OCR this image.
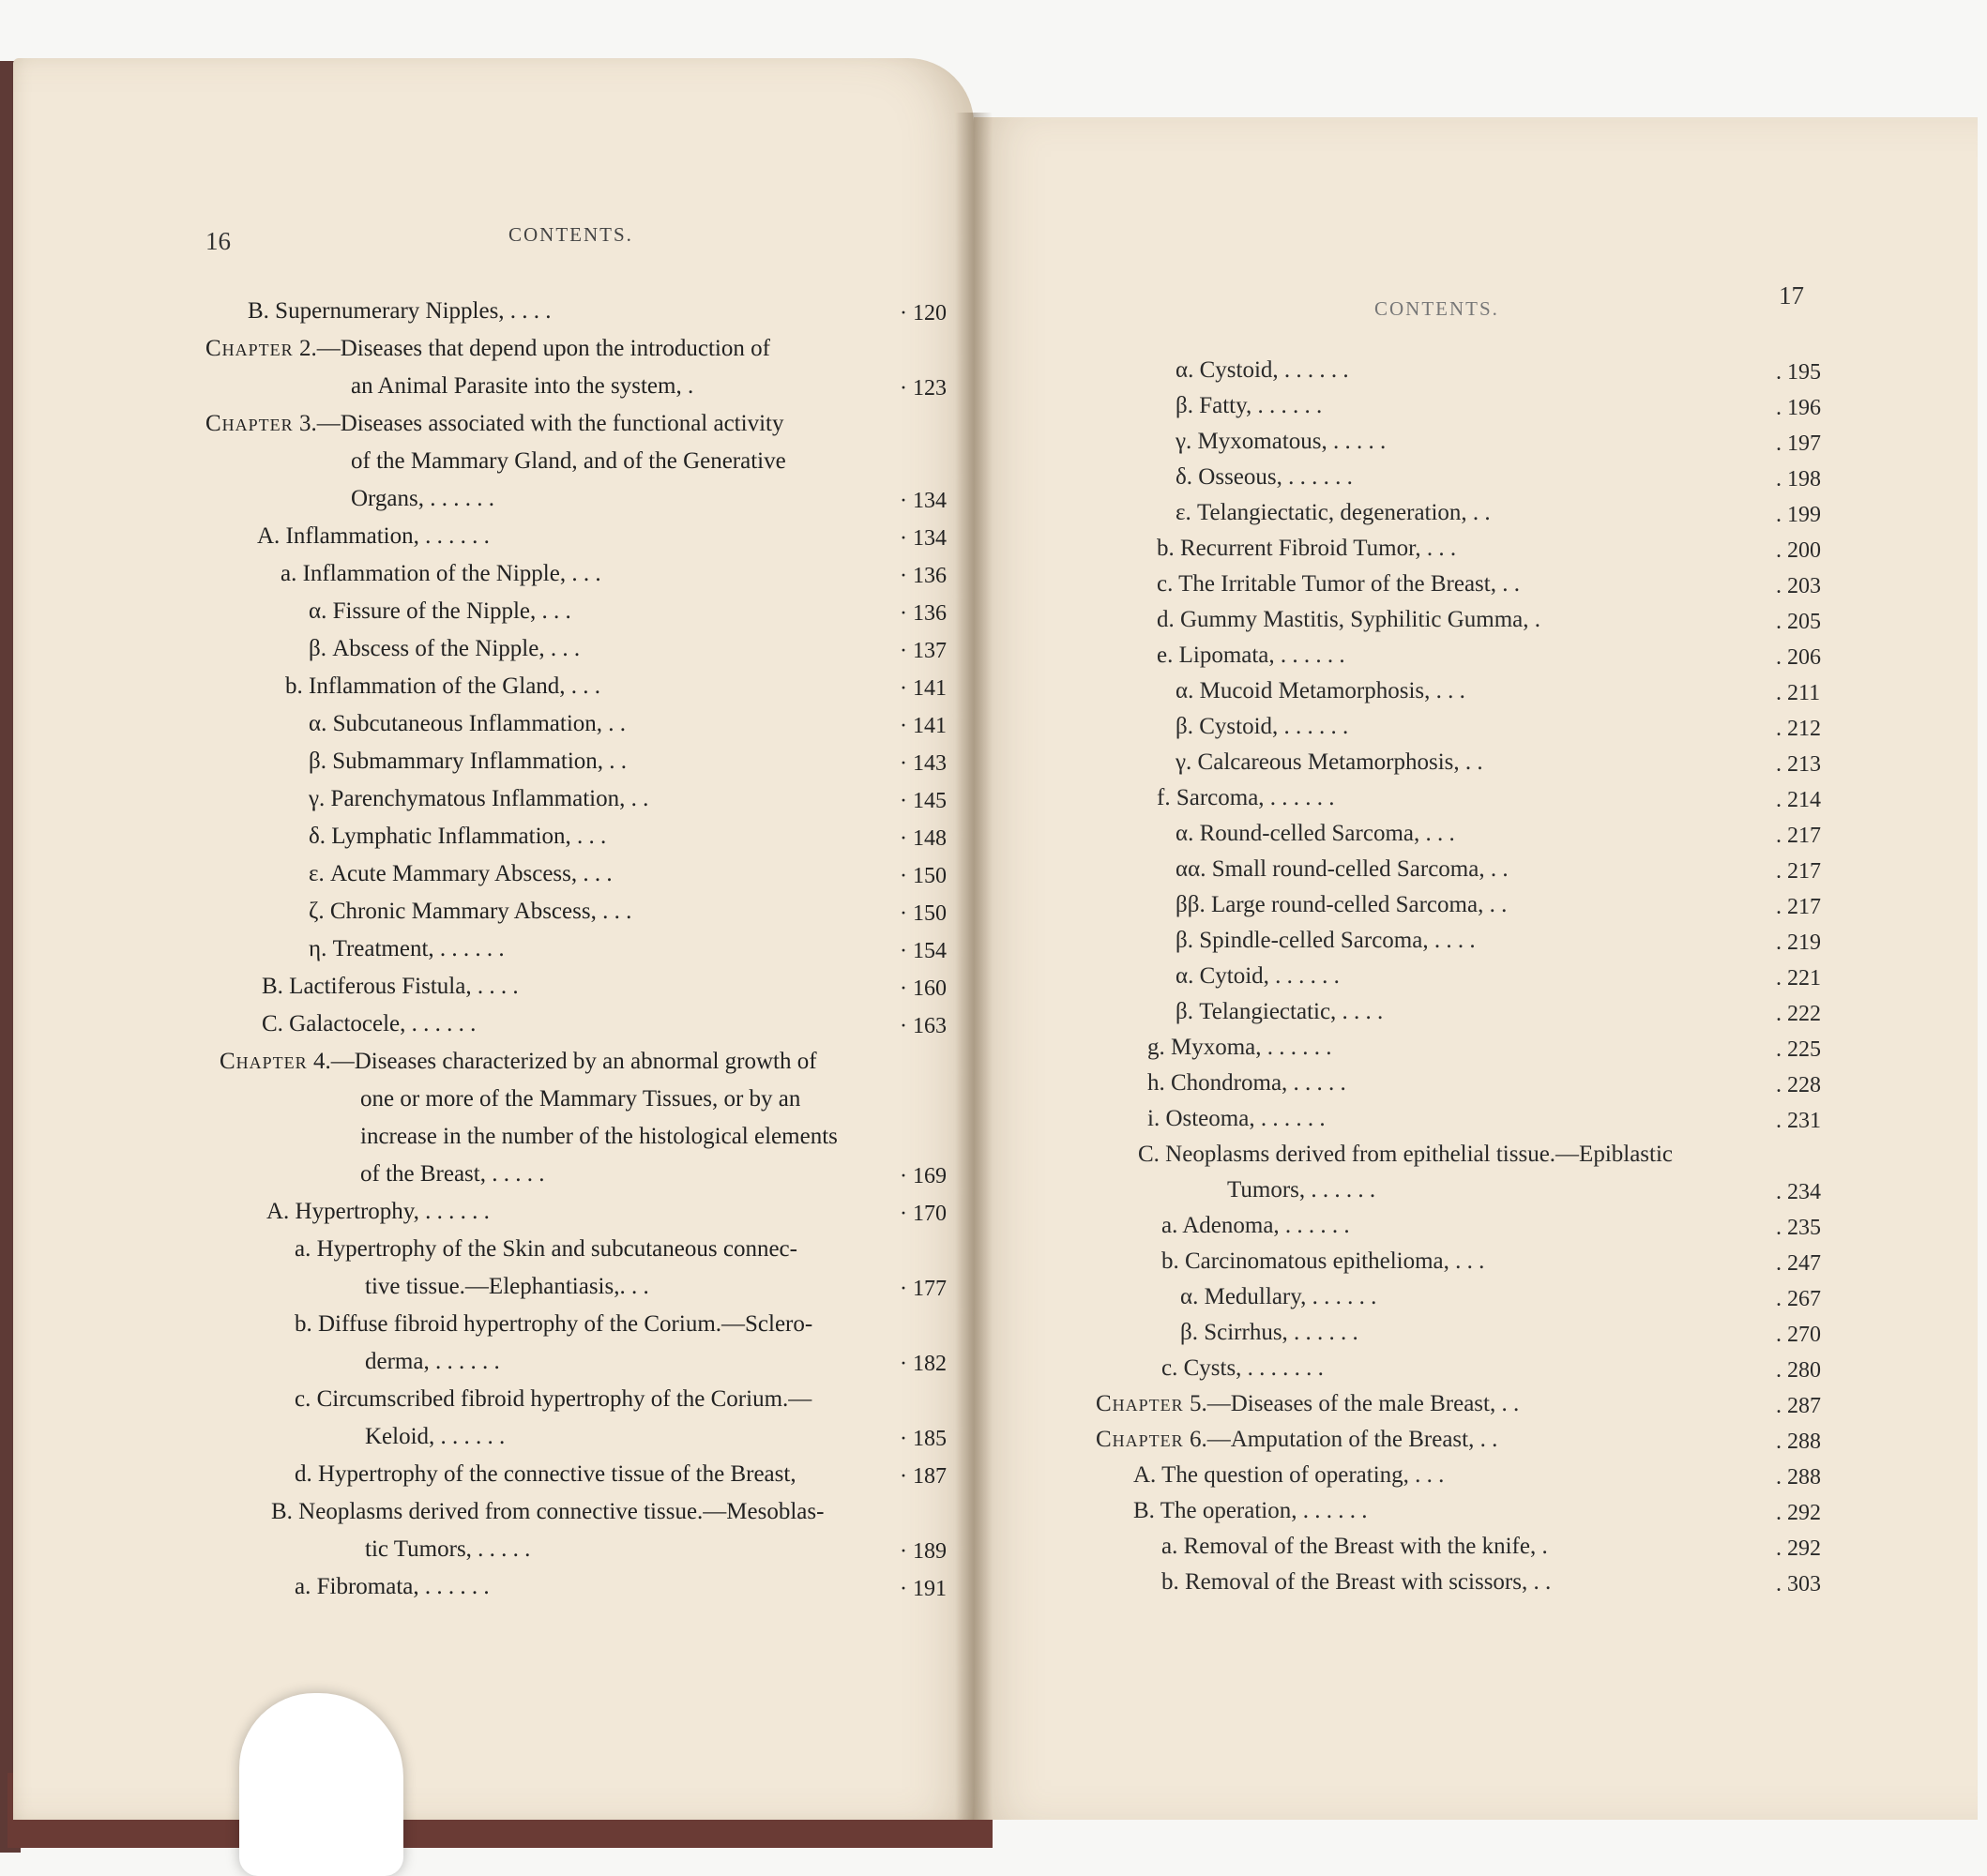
16	CONTENTS.
B. Supernumerary Nipples, . . . .	· 120
Chapter 2.—Diseases that depend upon the introduction of
an Animal Parasite into the system, .	· 123
Chapter 3.—Diseases associated with the functional activity
of the Mammary Gland, and of the Generative
Organs, . . . . . .	· 134
A. Inflammation, . . . . . .	· 134
a. Inflammation of the Nipple, . . .	· 136
α. Fissure of the Nipple, . . .	· 136
β. Abscess of the Nipple, . . .	· 137
b. Inflammation of the Gland, . . .	· 141
α. Subcutaneous Inflammation, . .	· 141
β. Submammary Inflammation, . .	· 143
γ. Parenchymatous Inflammation, . .	· 145
δ. Lymphatic Inflammation, . . .	· 148
ε. Acute Mammary Abscess, . . .	· 150
ζ. Chronic Mammary Abscess, . . .	· 150
η. Treatment, . . . . . .	· 154
B. Lactiferous Fistula, . . . .	· 160
C. Galactocele, . . . . . .	· 163
Chapter 4.—Diseases characterized by an abnormal growth of
one or more of the Mammary Tissues, or by an
increase in the number of the histological elements
of the Breast, . . . . .	· 169
A. Hypertrophy, . . . . . .	· 170
a. Hypertrophy of the Skin and subcutaneous connec-
tive tissue.—Elephantiasis,. . .	· 177
b. Diffuse fibroid hypertrophy of the Corium.—Sclero-
derma, . . . . . .	· 182
c. Circumscribed fibroid hypertrophy of the Corium.—
Keloid, . . . . . .	· 185
d. Hypertrophy of the connective tissue of the Breast,	· 187
B. Neoplasms derived from connective tissue.—Mesoblas-
tic Tumors, . . . . .	· 189
a. Fibromata, . . . . . .	· 191
CONTENTS.	17
α. Cystoid, . . . . . .	. 195
β. Fatty, . . . . . .	. 196
γ. Myxomatous, . . . . .	. 197
δ. Osseous, . . . . . .	. 198
ε. Telangiectatic, degeneration, . .	. 199
b. Recurrent Fibroid Tumor, . . .	. 200
c. The Irritable Tumor of the Breast, . .	. 203
d. Gummy Mastitis, Syphilitic Gumma, .	. 205
e. Lipomata, . . . . . .	. 206
α. Mucoid Metamorphosis, . . .	. 211
β. Cystoid, . . . . . .	. 212
γ. Calcareous Metamorphosis, . .	. 213
f. Sarcoma, . . . . . .	. 214
α. Round-celled Sarcoma, . . .	. 217
αα. Small round-celled Sarcoma, . .	. 217
ββ. Large round-celled Sarcoma, . .	. 217
β. Spindle-celled Sarcoma, . . . .	. 219
α. Cytoid, . . . . . .	. 221
β. Telangiectatic, . . . .	. 222
g. Myxoma, . . . . . .	. 225
h. Chondroma, . . . . .	. 228
i. Osteoma, . . . . . .	. 231
C. Neoplasms derived from epithelial tissue.—Epiblastic
Tumors, . . . . . .	. 234
a. Adenoma, . . . . . .	. 235
b. Carcinomatous epithelioma, . . .	. 247
α. Medullary, . . . . . .	. 267
β. Scirrhus, . . . . . .	. 270
c. Cysts, . . . . . . .	. 280
Chapter 5.—Diseases of the male Breast, . .	. 287
Chapter 6.—Amputation of the Breast, . .	. 288
A. The question of operating, . . .	. 288
B. The operation, . . . . . .	. 292
a. Removal of the Breast with the knife, .	. 292
b. Removal of the Breast with scissors, . .	. 303
